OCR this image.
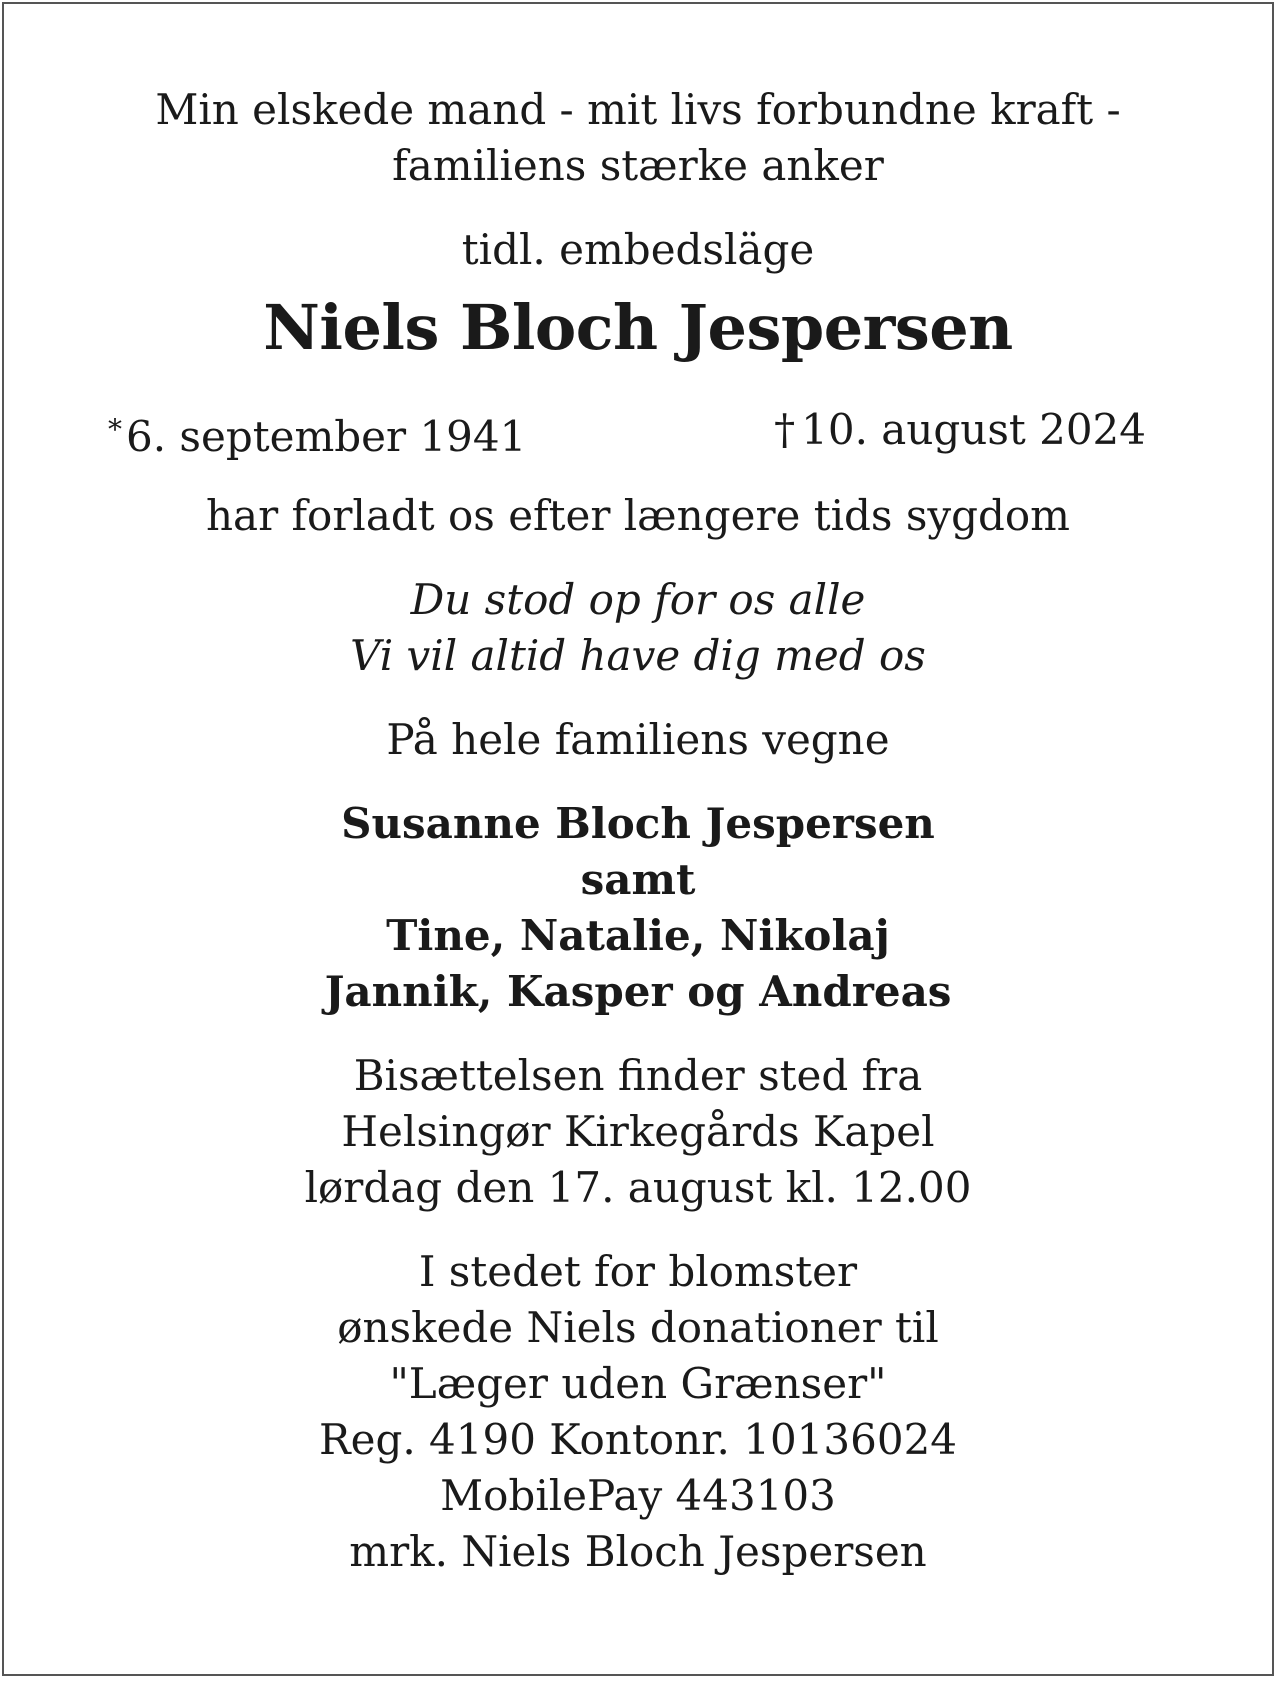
Min elskede mand - mit livs forbundne kraft -
familiens stærke anker
tidl. embedsläge
Niels Bloch Jespersen
*6. september 1941	† 10. august 2024
har forladt os efter længere tids sygdom
Du stod op for os alle
Vi vil altid have dig med os
På hele familiens vegne
Susanne Bloch Jespersen
samt
Tine, Natalie, Nikolaj
Jannik, Kasper og Andreas
Bisættelsen finder sted fra
Helsingør Kirkegårds Kapel
lørdag den 17. august kl. 12.00
I stedet for blomster
ønskede Niels donationer til
"Læger uden Grænser"
Reg. 4190 Kontonr. 10136024
MobilePay 443103
mrk. Niels Bloch Jespersen
